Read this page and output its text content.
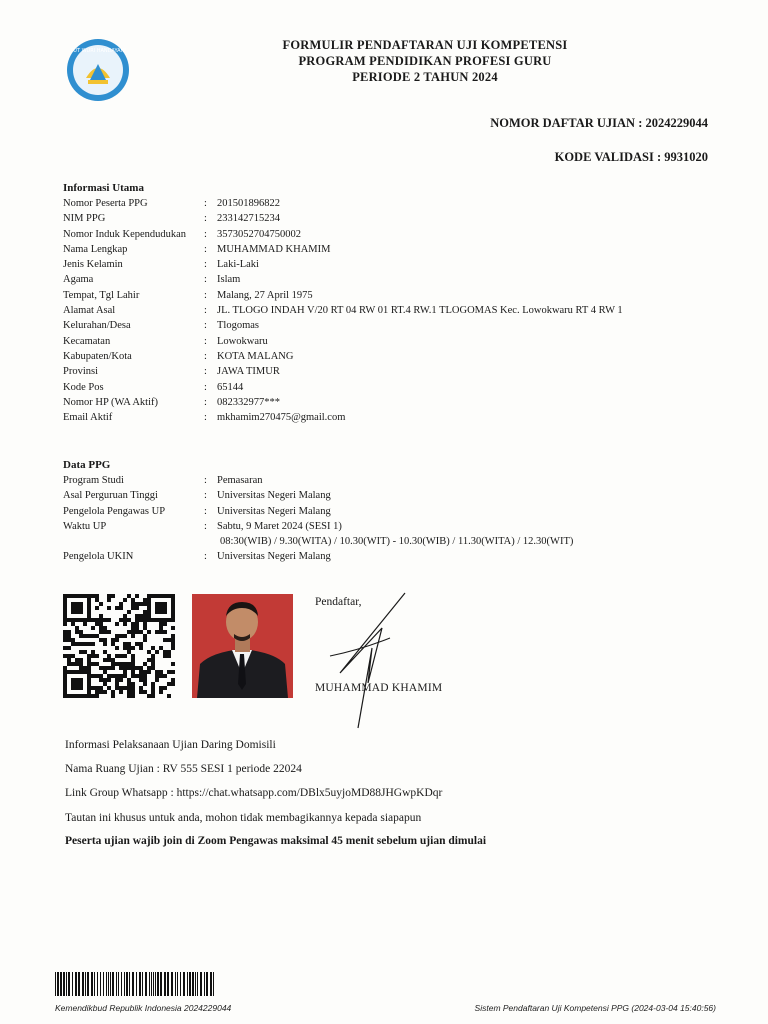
TUT WURI HANDAYANI	FORMULIR PENDAFTARAN UJI KOMPETENSI
PROGRAM PENDIDIKAN PROFESI GURU
PERIODE 2 TAHUN 2024
NOMOR DAFTAR UJIAN : 2024229044
KODE VALIDASI : 9931020
Informasi Utama
Nomor Peserta PPG	: 201501896822
NIM PPG	: 233142715234
Nomor Induk Kependudukan	: 3573052704750002
Nama Lengkap	: MUHAMMAD KHAMIM
Jenis Kelamin	: Laki-Laki
Agama	: Islam
Tempat, Tgl Lahir	: Malang, 27 April 1975
Alamat Asal	: JL. TLOGO INDAH V/20 RT 04 RW 01 RT.4 RW.1 TLOGOMAS Kec. Lowokwaru RT 4 RW 1
Kelurahan/Desa	: Tlogomas
Kecamatan	: Lowokwaru
Kabupaten/Kota	: KOTA MALANG
Provinsi	: JAWA TIMUR
Kode Pos	: 65144
Nomor HP (WA Aktif)	: 082332977***
Email Aktif	: mkhamim270475@gmail.com
Data PPG
Program Studi	: Pemasaran
Asal Perguruan Tinggi	: Universitas Negeri Malang
Pengelola Pengawas UP	: Universitas Negeri Malang
Waktu UP	: Sabtu, 9 Maret 2024 (SESI 1)
08:30(WIB) / 9.30(WITA) / 10.30(WIT) - 10.30(WIB) / 11.30(WITA) / 12.30(WIT)
Pengelola UKIN	: Universitas Negeri Malang
Pendaftar,
MUHAMMAD KHAMIM
Informasi Pelaksanaan Ujian Daring Domisili
Nama Ruang Ujian : RV 555 SESI 1 periode 22024
Link Group Whatsapp : https://chat.whatsapp.com/DBlx5uyjoMD88JHGwpKDqr
Tautan ini khusus untuk anda, mohon tidak membagikannya kepada siapapun
Peserta ujian wajib join di Zoom Pengawas maksimal 45 menit sebelum ujian dimulai
Kemendikbud Republik Indonesia 2024229044	Sistem Pendaftaran Uji Kompetensi PPG (2024-03-04 15:40:56)
